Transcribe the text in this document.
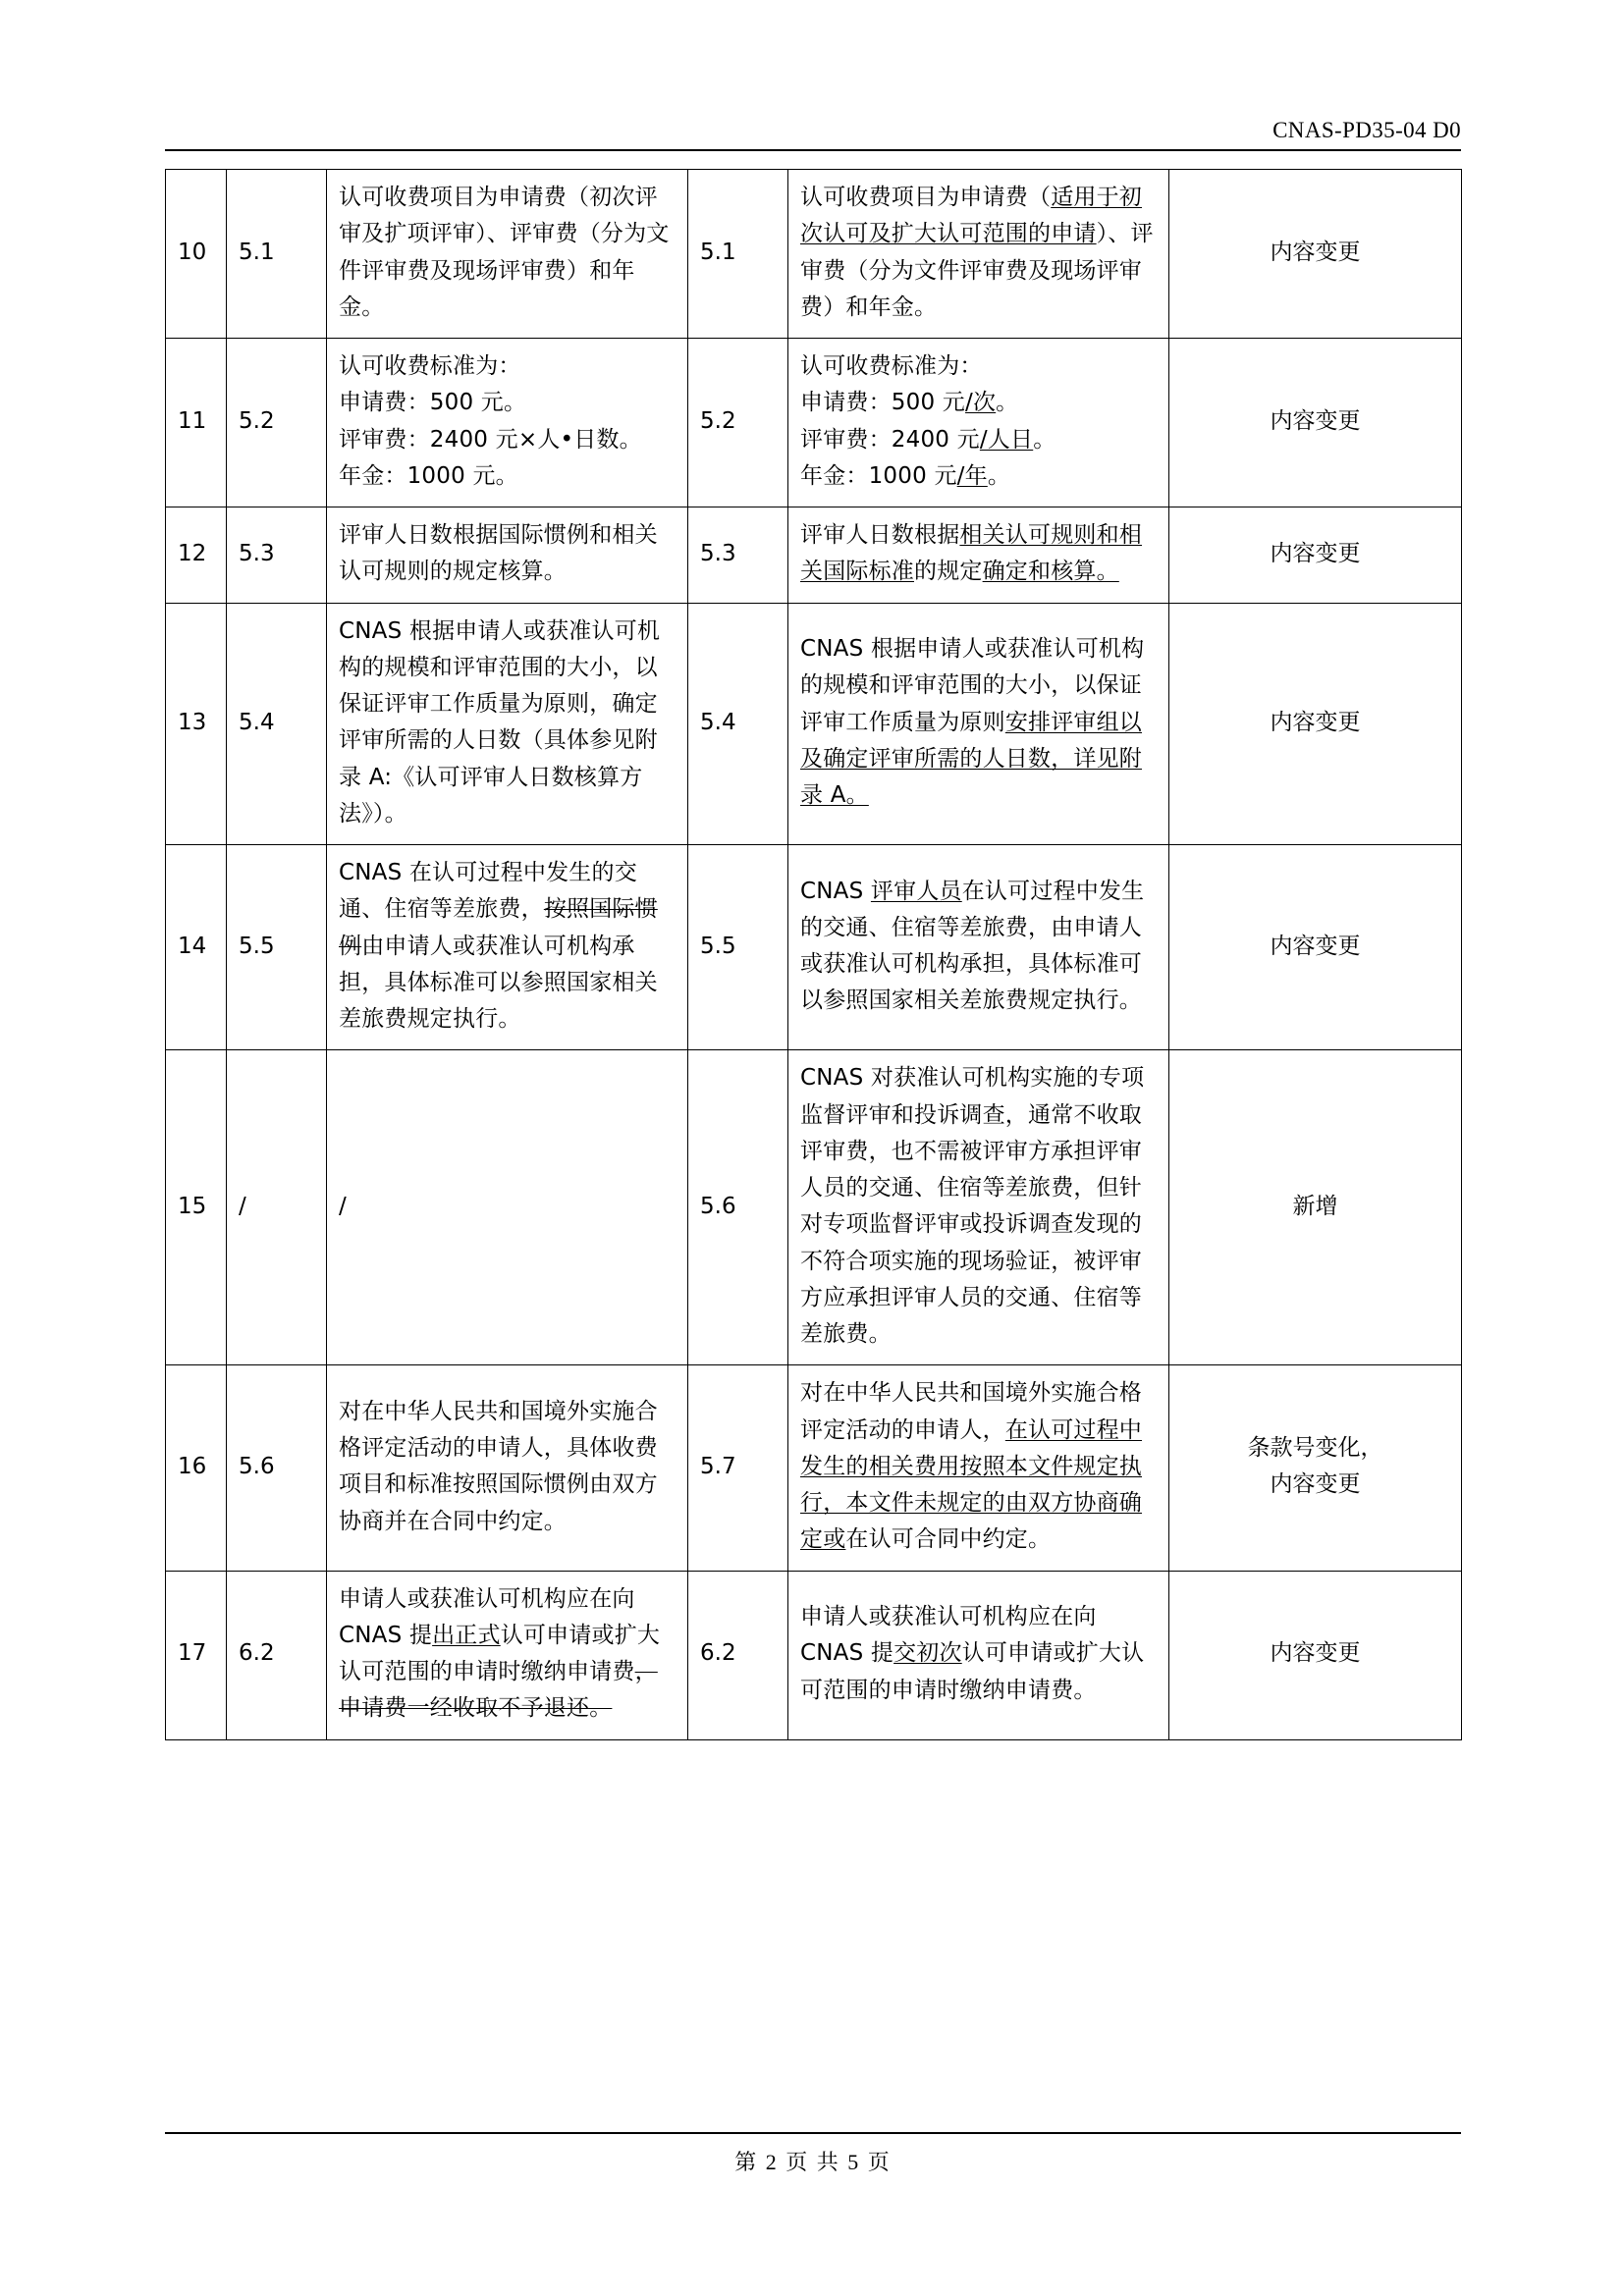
CNAS-PD35-04 D0
10	5.1	认可收费项目为申请费（初次评审及扩项评审）、评审费（分为文件评审费及现场评审费）和年金。	5.1	认可收费项目为申请费（适用于初次认可及扩大认可范围的申请）、评审费（分为文件评审费及现场评审费）和年金。	内容变更
11	5.2	认可收费标准为：
申请费：500 元。
评审费：2400 元×人•日数。
年金：1000 元。	5.2	认可收费标准为：
申请费：500 元/次。
评审费：2400 元/人日。
年金：1000 元/年。	内容变更
12	5.3	评审人日数根据国际惯例和相关认可规则的规定核算。	5.3	评审人日数根据相关认可规则和相关国际标准的规定确定和核算。	内容变更
13	5.4	CNAS 根据申请人或获准认可机构的规模和评审范围的大小，以保证评审工作质量为原则，确定评审所需的人日数（具体参见附录 A:《认可评审人日数核算方法》）。	5.4	CNAS 根据申请人或获准认可机构的规模和评审范围的大小，以保证评审工作质量为原则安排评审组以及确定评审所需的人日数，详见附录 A。	内容变更
14	5.5	CNAS 在认可过程中发生的交通、住宿等差旅费，按照国际惯例由申请人或获准认可机构承担，具体标准可以参照国家相关差旅费规定执行。	5.5	CNAS 评审人员在认可过程中发生的交通、住宿等差旅费，由申请人或获准认可机构承担，具体标准可以参照国家相关差旅费规定执行。	内容变更
15	/	/	5.6	CNAS 对获准认可机构实施的专项监督评审和投诉调查，通常不收取评审费，也不需被评审方承担评审人员的交通、住宿等差旅费，但针对专项监督评审或投诉调查发现的不符合项实施的现场验证，被评审方应承担评审人员的交通、住宿等差旅费。	新增
16	5.6	对在中华人民共和国境外实施合格评定活动的申请人，具体收费项目和标准按照国际惯例由双方协商并在合同中约定。	5.7	对在中华人民共和国境外实施合格评定活动的申请人，在认可过程中发生的相关费用按照本文件规定执行，本文件未规定的由双方协商确定或在认可合同中约定。	条款号变化，
内容变更
17	6.2	申请人或获准认可机构应在向 CNAS 提出正式认可申请或扩大认可范围的申请时缴纳申请费，申请费一经收取不予退还。	6.2	申请人或获准认可机构应在向 CNAS 提交初次认可申请或扩大认可范围的申请时缴纳申请费。	内容变更
第 2 页 共 5 页
